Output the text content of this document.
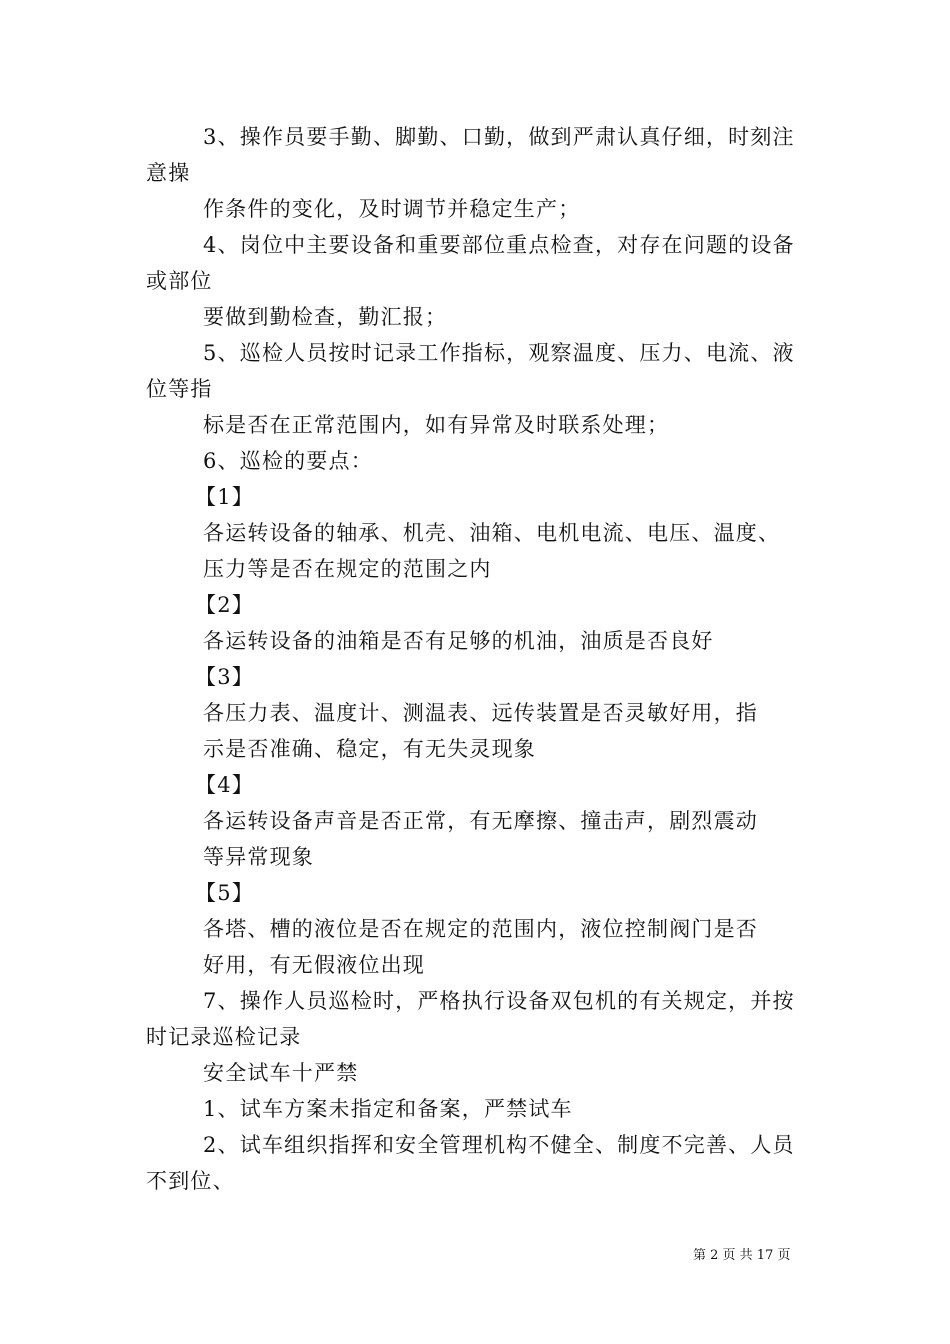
3、操作员要手勤、脚勤、口勤，做到严肃认真仔细，时刻注
意操
作条件的变化，及时调节并稳定生产；
4、岗位中主要设备和重要部位重点检查，对存在问题的设备
或部位
要做到勤检查，勤汇报；
5、巡检人员按时记录工作指标，观察温度、压力、电流、液
位等指
标是否在正常范围内，如有异常及时联系处理；
6、巡检的要点：
【1】
各运转设备的轴承、机壳、油箱、电机电流、电压、温度、
压力等是否在规定的范围之内
【2】
各运转设备的油箱是否有足够的机油，油质是否良好
【3】
各压力表、温度计、测温表、远传装置是否灵敏好用，指
示是否准确、稳定，有无失灵现象
【4】
各运转设备声音是否正常，有无摩擦、撞击声，剧烈震动
等异常现象
【5】
各塔、槽的液位是否在规定的范围内，液位控制阀门是否
好用，有无假液位出现
7、操作人员巡检时，严格执行设备双包机的有关规定，并按
时记录巡检记录
安全试车十严禁
1、试车方案未指定和备案，严禁试车
2、试车组织指挥和安全管理机构不健全、制度不完善、人员
不到位、
第 2 页 共 17 页
